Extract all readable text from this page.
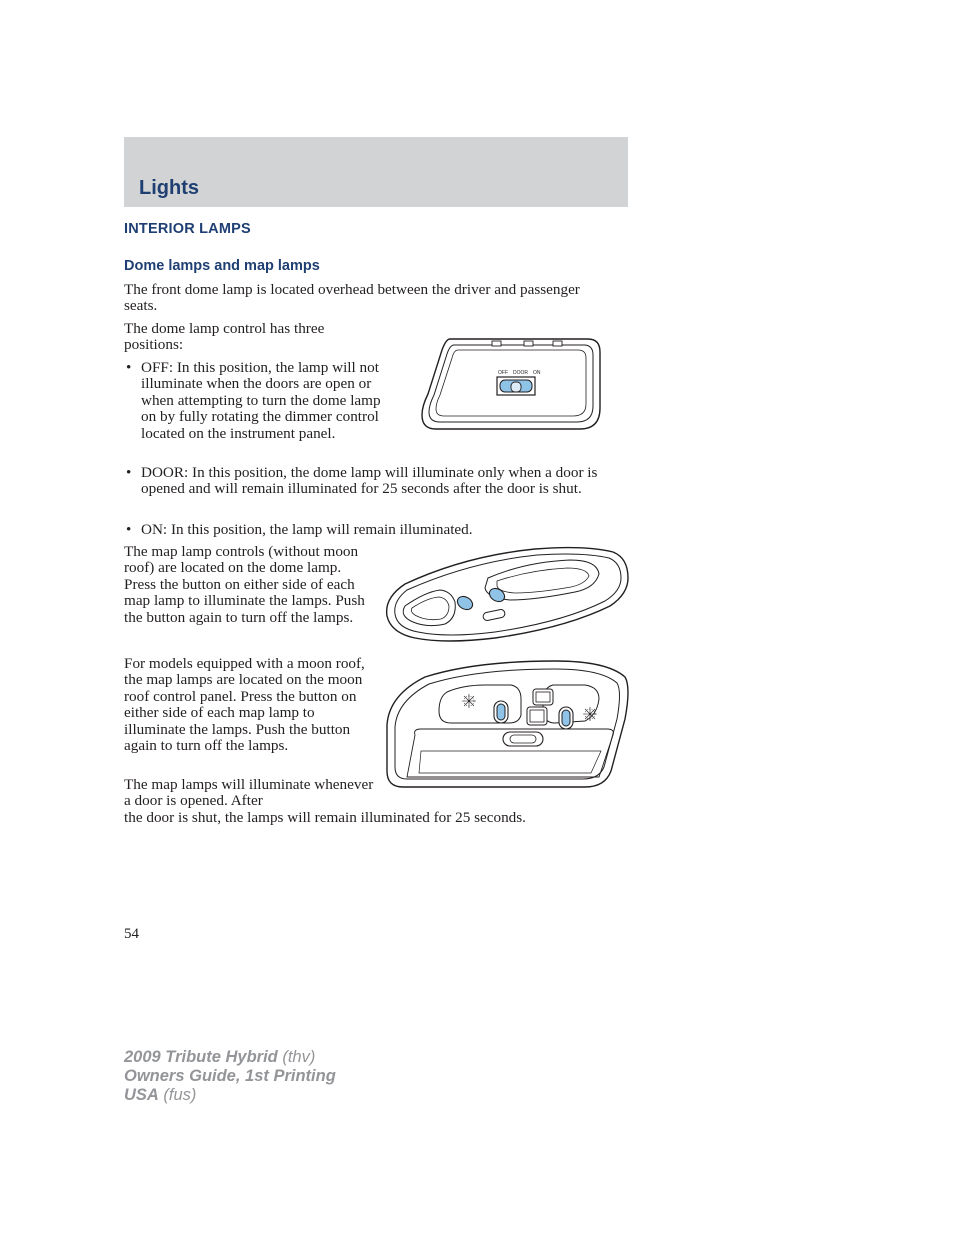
Lights
INTERIOR LAMPS
Dome lamps and map lamps
The front dome lamp is located overhead between the driver and passenger seats.
The dome lamp control has three positions:
• OFF: In this position, the lamp will not illuminate when the doors are open or when attempting to turn the dome lamp on by fully rotating the dimmer control located on the instrument panel.
• DOOR: In this position, the dome lamp will illuminate only when a door is opened and will remain illuminated for 25 seconds after the door is shut.
• ON: In this position, the lamp will remain illuminated.
The map lamp controls (without moon roof) are located on the dome lamp. Press the button on either side of each map lamp to illuminate the lamps. Push the button again to turn off the lamps.
For models equipped with a moon roof, the map lamps are located on the moon roof control panel. Press the button on either side of each map lamp to illuminate the lamps. Push the button again to turn off the lamps.
The map lamps will illuminate whenever a door is opened. After
the door is shut, the lamps will remain illuminated for 25 seconds.
OFF DOOR ON
54
2009 Tribute Hybrid (thv)
Owners Guide, 1st Printing
USA (fus)
